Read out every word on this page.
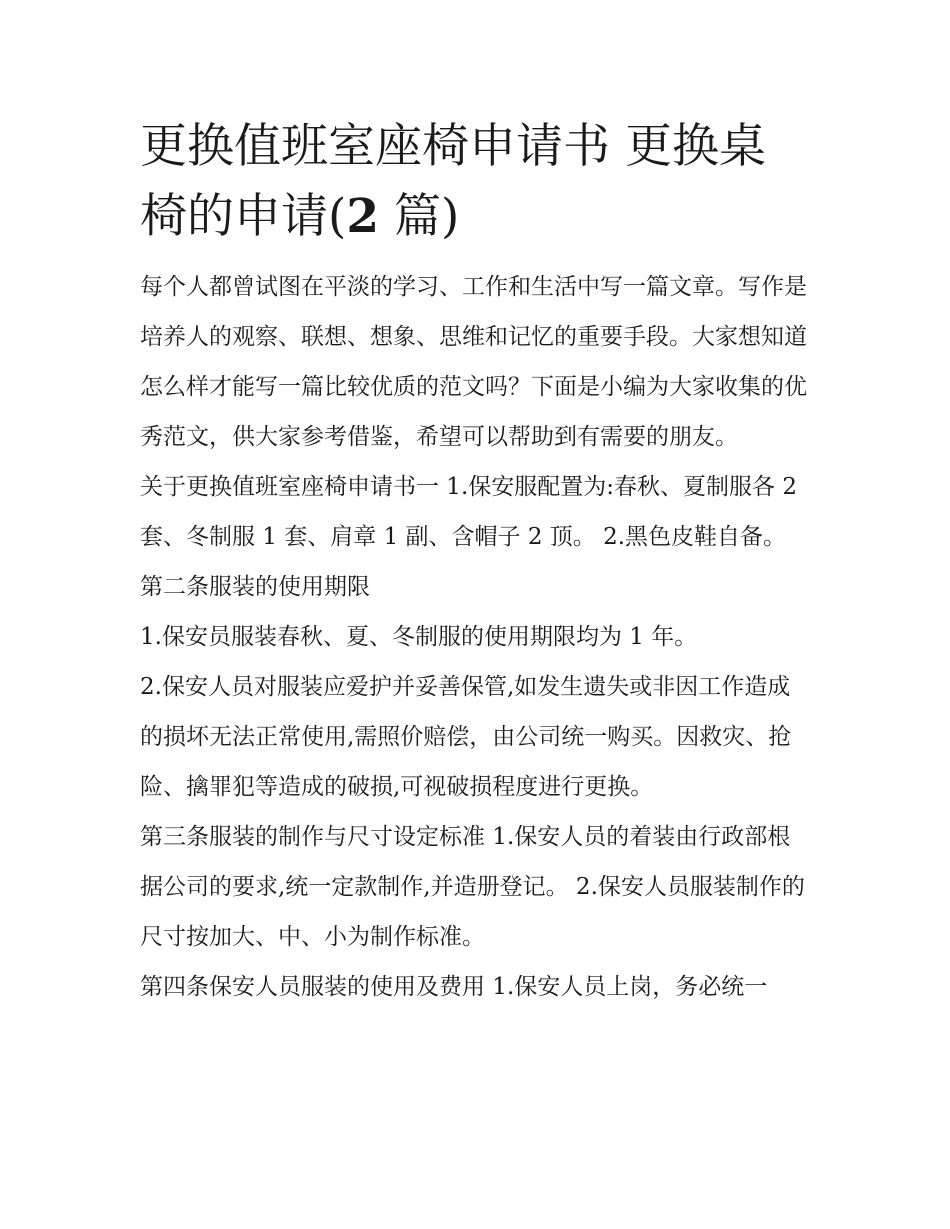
更换值班室座椅申请书 更换桌椅的申请(2 篇)

每个人都曾试图在平淡的学习、工作和生活中写一篇文章。写作是培养人的观察、联想、想象、思维和记忆的重要手段。大家想知道怎么样才能写一篇比较优质的范文吗？下面是小编为大家收集的优秀范文，供大家参考借鉴，希望可以帮助到有需要的朋友。

关于更换值班室座椅申请书一 1.保安服配置为:春秋、夏制服各 2 套、冬制服 1 套、肩章 1 副、含帽子 2 顶。 2.黑色皮鞋自备。 第二条服装的使用期限

1.保安员服装春秋、夏、冬制服的使用期限均为 1 年。

2.保安人员对服装应爱护并妥善保管,如发生遗失或非因工作造成的损坏无法正常使用,需照价赔偿，由公司统一购买。因救灾、抢险、擒罪犯等造成的破损,可视破损程度进行更换。

第三条服装的制作与尺寸设定标准 1.保安人员的着装由行政部根据公司的要求,统一定款制作,并造册登记。 2.保安人员服装制作的尺寸按加大、中、小为制作标准。

第四条保安人员服装的使用及费用 1.保安人员上岗，务必统一
